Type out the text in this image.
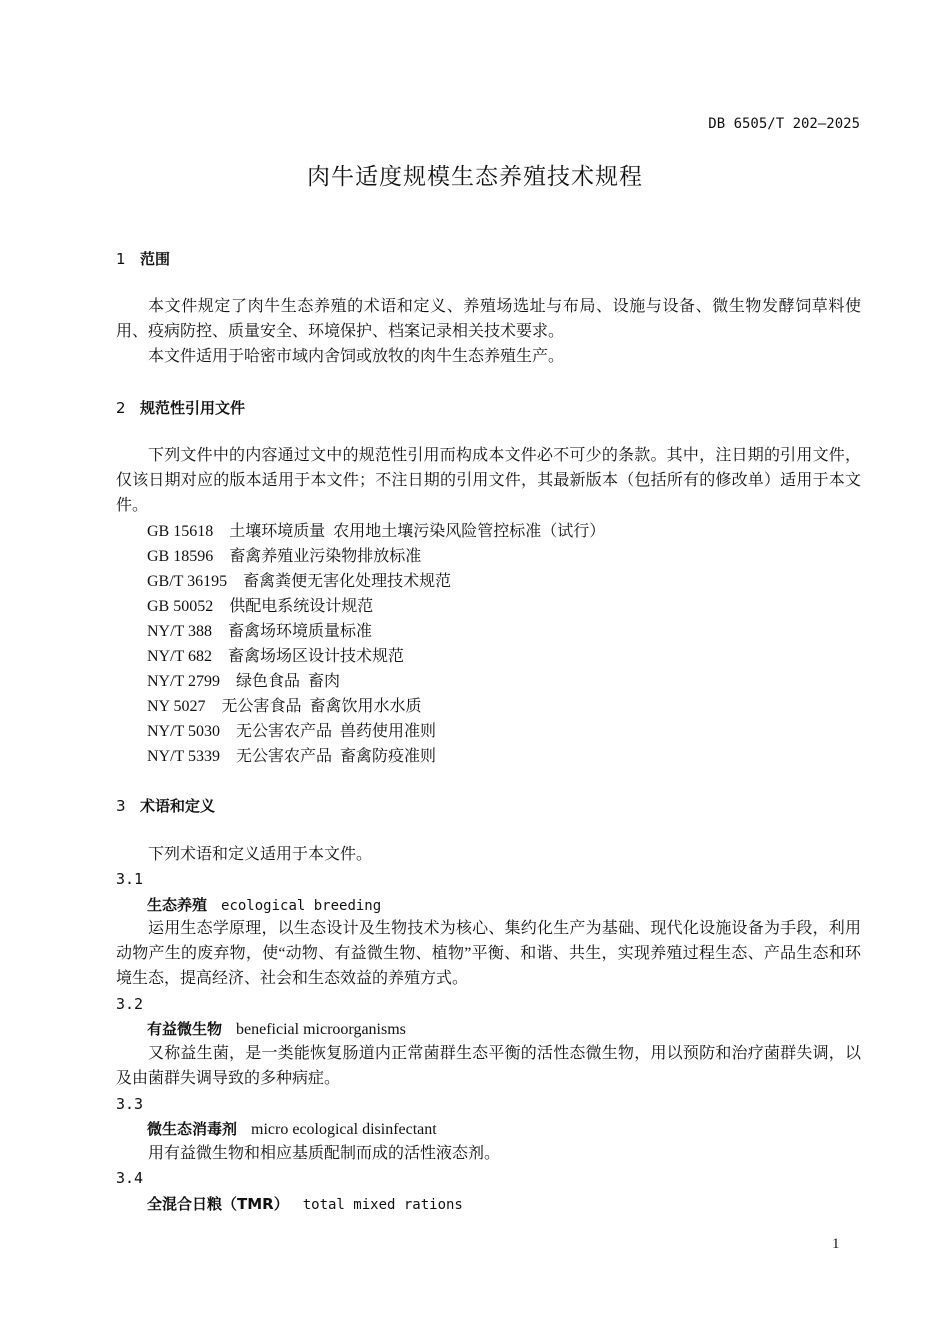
DB 6505/T 202—2025
肉牛适度规模生态养殖技术规程
1 范围
本文件规定了肉牛生态养殖的术语和定义、养殖场选址与布局、设施与设备、微生物发酵饲草料使用、疫病防控、质量安全、环境保护、档案记录相关技术要求。
本文件适用于哈密市域内舍饲或放牧的肉牛生态养殖生产。
2 规范性引用文件
下列文件中的内容通过文中的规范性引用而构成本文件必不可少的条款。其中，注日期的引用文件，仅该日期对应的版本适用于本文件；不注日期的引用文件，其最新版本（包括所有的修改单）适用于本文件。
GB 15618 土壤环境质量  农用地土壤污染风险管控标准（试行）
GB 18596 畜禽养殖业污染物排放标准
GB/T 36195 畜禽粪便无害化处理技术规范
GB 50052 供配电系统设计规范
NY/T 388 畜禽场环境质量标准
NY/T 682 畜禽场场区设计技术规范
NY/T 2799 绿色食品  畜肉
NY 5027 无公害食品  畜禽饮用水水质
NY/T 5030 无公害农产品  兽药使用准则
NY/T 5339 无公害农产品  畜禽防疫准则
3 术语和定义
下列术语和定义适用于本文件。
3.1
生态养殖 ecological breeding
运用生态学原理，以生态设计及生物技术为核心、集约化生产为基础、现代化设施设备为手段，利用动物产生的废弃物，使“动物、有益微生物、植物”平衡、和谐、共生，实现养殖过程生态、产品生态和环境生态，提高经济、社会和生态效益的养殖方式。
3.2
有益微生物 beneficial microorganisms
又称益生菌，是一类能恢复肠道内正常菌群生态平衡的活性态微生物，用以预防和治疗菌群失调，以及由菌群失调导致的多种病症。
3.3
微生态消毒剂 micro ecological disinfectant
用有益微生物和相应基质配制而成的活性液态剂。
3.4
全混合日粮（TMR） total mixed rations
1
